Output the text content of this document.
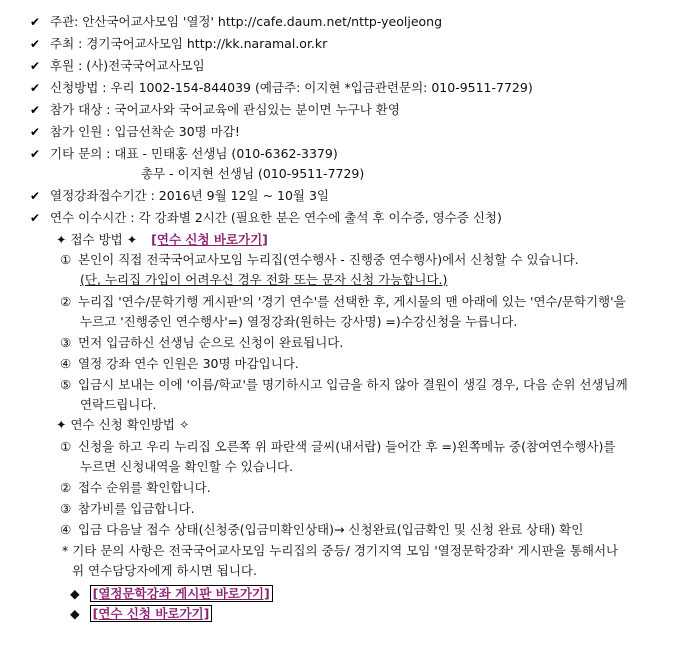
✔ 주관: 안산국어교사모임 '열정' http://cafe.daum.net/nttp-yeoljeong
✔ 주최 : 경기국어교사모임 http://kk.naramal.or.kr
✔ 후원 : (사)전국국어교사모임
✔ 신청방법 : 우리 1002-154-844039 (예금주: 이지현 *입금관련문의: 010-9511-7729)
✔ 참가 대상 : 국어교사와 국어교육에 관심있는 분이면 누구나 환영
✔ 참가 인원 : 입금선착순 30명 마감!
✔ 기타 문의 : 대표 - 민태홍 선생님 (010-6362-3379)
총무 - 이지현 선생님 (010-9511-7729)
✔ 열정강좌접수기간 : 2016년 9월 12일 ~ 10월 3일
✔ 연수 이수시간 : 각 강좌별 2시간 (필요한 분은 연수에 출석 후 이수증, 영수증 신청)
✦ 접수 방법 ✦ [연수 신청 바로가기]
① 본인이 직접 전국국어교사모임 누리집(연수행사 - 진행중 연수행사)에서 신청할 수 있습니다.
(단, 누리집 가입이 어려우신 경우 전화 또는 문자 신청 가능합니다.)
② 누리집 '연수/문학기행 게시판'의 '경기 연수'를 선택한 후, 게시물의 맨 아래에 있는 '연수/문학기행'을
누르고 '진행중인 연수행사'=) 열정강좌(원하는 강사명) =)수강신청을 누릅니다.
③ 먼저 입금하신 선생님 순으로 신청이 완료됩니다.
④ 열정 강좌 연수 인원은 30명 마감입니다.
⑤ 입금시 보내는 이에 '이름/학교'를 명기하시고 입금을 하지 않아 결원이 생길 경우, 다음 순위 선생님께
연락드립니다.
✦ 연수 신청 확인방법 ✧
① 신청을 하고 우리 누리집 오른쪽 위 파란색 글씨(내서랍) 들어간 후 =)왼쪽메뉴 중(참여연수행사)를
누르면 신청내역을 확인할 수 있습니다.
② 접수 순위를 확인합니다.
③ 참가비를 입금합니다.
④ 입금 다음날 접수 상태(신청중(입금미확인상태)→ 신청완료(입금확인 및 신청 완료 상태) 확인
* 기타 문의 사항은 전국국어교사모임 누리집의 중등/ 경기지역 모임 '열정문학강좌' 게시판을 통해서나
위 연수담당자에게 하시면 됩니다.
◆ [열정문학강좌 게시판 바로가기]
◆ [연수 신청 바로가기]
